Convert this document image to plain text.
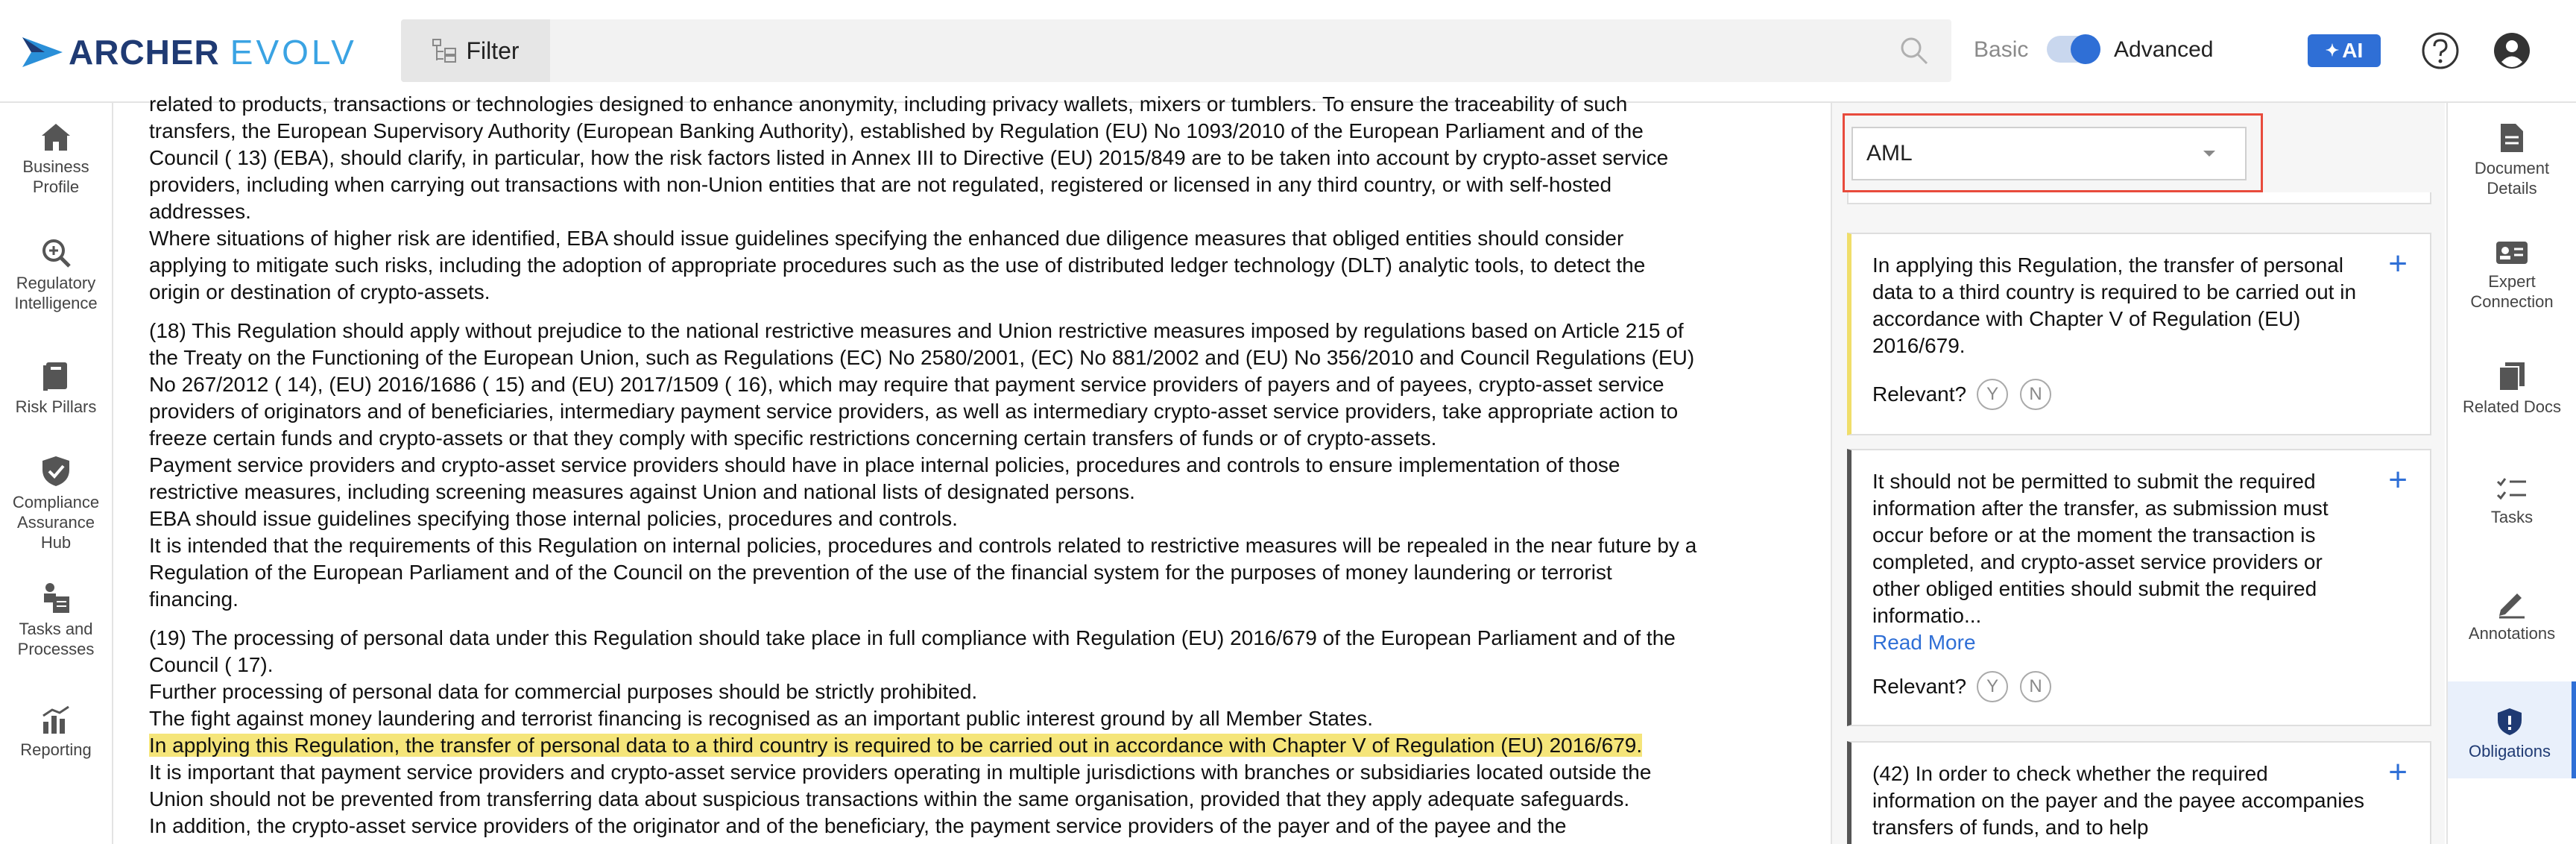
ARCHER EVOLV	Filter	Basic	Advanced	✦ AI
Business
Profile
Regulatory
Intelligence
Risk Pillars
Compliance
Assurance
Hub
Tasks and
Processes
Reporting

related to products, transactions or technologies designed to enhance anonymity, including privacy wallets, mixers or tumblers. To ensure the traceability of such

transfers, the European Supervisory Authority (European Banking Authority), established by Regulation (EU) No 1093/2010 of the European Parliament and of the

Council ( 13) (EBA), should clarify, in particular, how the risk factors listed in Annex III to Directive (EU) 2015/849 are to be taken into account by crypto-asset service

providers, including when carrying out transactions with non-Union entities that are not regulated, registered or licensed in any third country, or with self-hosted

addresses.

Where situations of higher risk are identified, EBA should issue guidelines specifying the enhanced due diligence measures that obliged entities should consider

applying to mitigate such risks, including the adoption of appropriate procedures such as the use of distributed ledger technology (DLT) analytic tools, to detect the

origin or destination of crypto-assets.

(18) This Regulation should apply without prejudice to the national restrictive measures and Union restrictive measures imposed by regulations based on Article 215 of

the Treaty on the Functioning of the European Union, such as Regulations (EC) No 2580/2001, (EC) No 881/2002 and (EU) No 356/2010 and Council Regulations (EU)

No 267/2012 ( 14), (EU) 2016/1686 ( 15) and (EU) 2017/1509 ( 16), which may require that payment service providers of payers and of payees, crypto-asset service

providers of originators and of beneficiaries, intermediary payment service providers, as well as intermediary crypto-asset service providers, take appropriate action to

freeze certain funds and crypto-assets or that they comply with specific restrictions concerning certain transfers of funds or of crypto-assets.

Payment service providers and crypto-asset service providers should have in place internal policies, procedures and controls to ensure implementation of those

restrictive measures, including screening measures against Union and national lists of designated persons.

EBA should issue guidelines specifying those internal policies, procedures and controls.

It is intended that the requirements of this Regulation on internal policies, procedures and controls related to restrictive measures will be repealed in the near future by a

Regulation of the European Parliament and of the Council on the prevention of the use of the financial system for the purposes of money laundering or terrorist

financing.

(19) The processing of personal data under this Regulation should take place in full compliance with Regulation (EU) 2016/679 of the European Parliament and of the

Council ( 17).

Further processing of personal data for commercial purposes should be strictly prohibited.

The fight against money laundering and terrorist financing is recognised as an important public interest ground by all Member States.

In applying this Regulation, the transfer of personal data to a third country is required to be carried out in accordance with Chapter V of Regulation (EU) 2016/679.

It is important that payment service providers and crypto-asset service providers operating in multiple jurisdictions with branches or subsidiaries located outside the

Union should not be prevented from transferring data about suspicious transactions within the same organisation, provided that they apply adequate safeguards.

In addition, the crypto-asset service providers of the originator and of the beneficiary, the payment service providers of the payer and of the payee and the

AML
In applying this Regulation, the transfer of personal data to a third country is required to be carried out in accordance with Chapter V of Regulation (EU) 2016/679.
+
Relevant?	Y	N
It should not be permitted to submit the required information after the transfer, as submission must occur before or at the moment the transaction is completed, and crypto-asset service providers or other obliged entities should submit the required informatio...
Read More
+
Relevant?	Y	N
(42) In order to check whether the required information on the payer and the payee accompanies transfers of funds, and to help
+
Document
Details
Expert
Connection
Related Docs
Tasks
Annotations
Obligations
